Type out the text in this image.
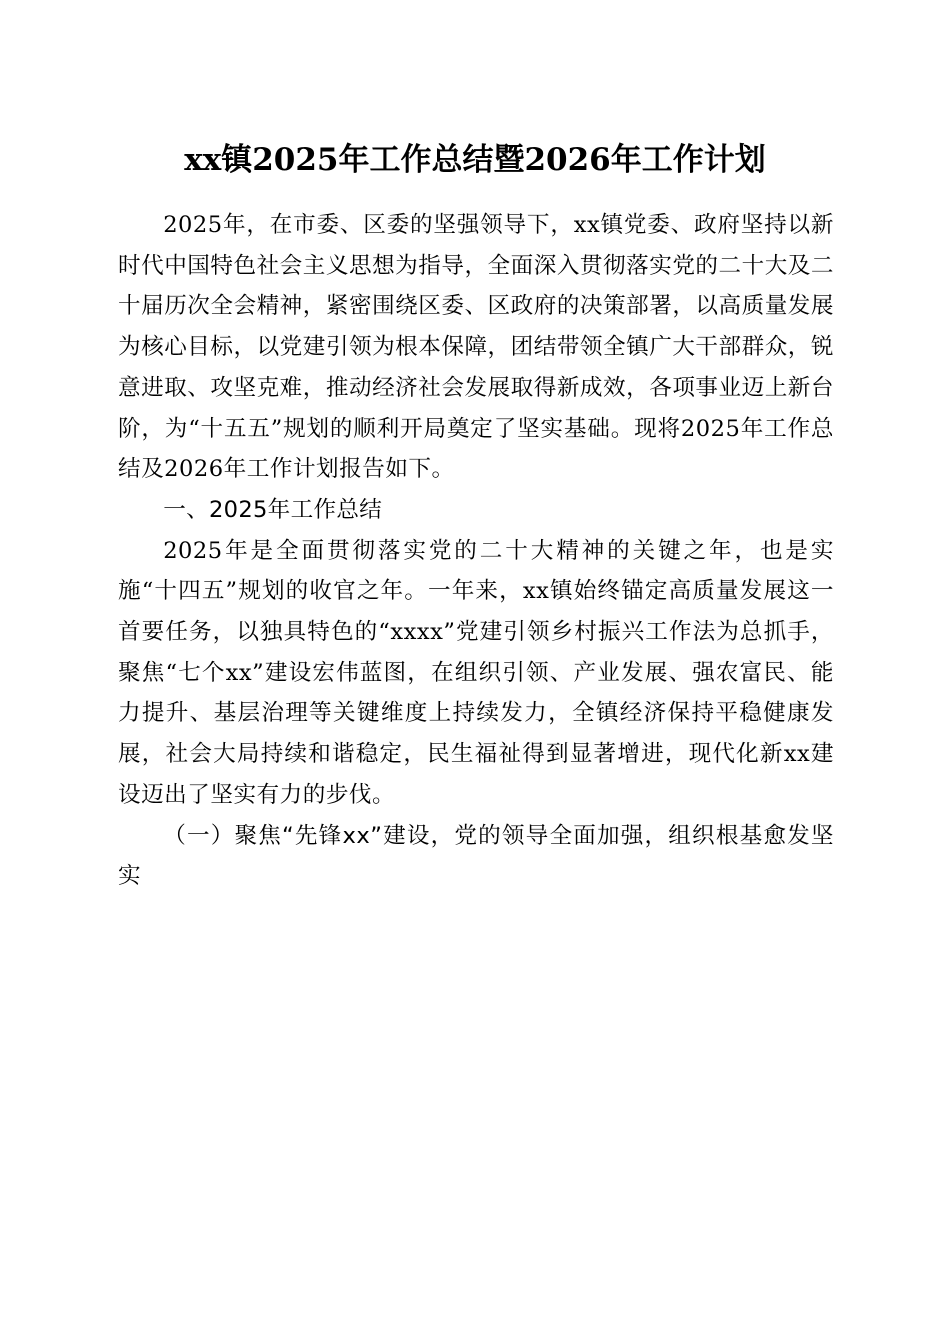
xx镇2025年工作总结暨2026年工作计划

2025年，在市委、区委的坚强领导下，xx镇党委、政府坚持以新时代中国特色社会主义思想为指导，全面深入贯彻落实党的二十大及二十届历次全会精神，紧密围绕区委、区政府的决策部署，以高质量发展为核心目标，以党建引领为根本保障，团结带领全镇广大干部群众，锐意进取、攻坚克难，推动经济社会发展取得新成效，各项事业迈上新台阶，为“十五五”规划的顺利开局奠定了坚实基础。现将2025年工作总结及2026年工作计划报告如下。

一、2025年工作总结

2025年是全面贯彻落实党的二十大精神的关键之年，也是实施“十四五”规划的收官之年。一年来，xx镇始终锚定高质量发展这一首要任务，以独具特色的“xxxx”党建引领乡村振兴工作法为总抓手，聚焦“七个xx”建设宏伟蓝图，在组织引领、产业发展、强农富民、能力提升、基层治理等关键维度上持续发力，全镇经济保持平稳健康发展，社会大局持续和谐稳定，民生福祉得到显著增进，现代化新xx建设迈出了坚实有力的步伐。

（一）聚焦“先锋xx”建设，党的领导全面加强，组织根基愈发坚实
